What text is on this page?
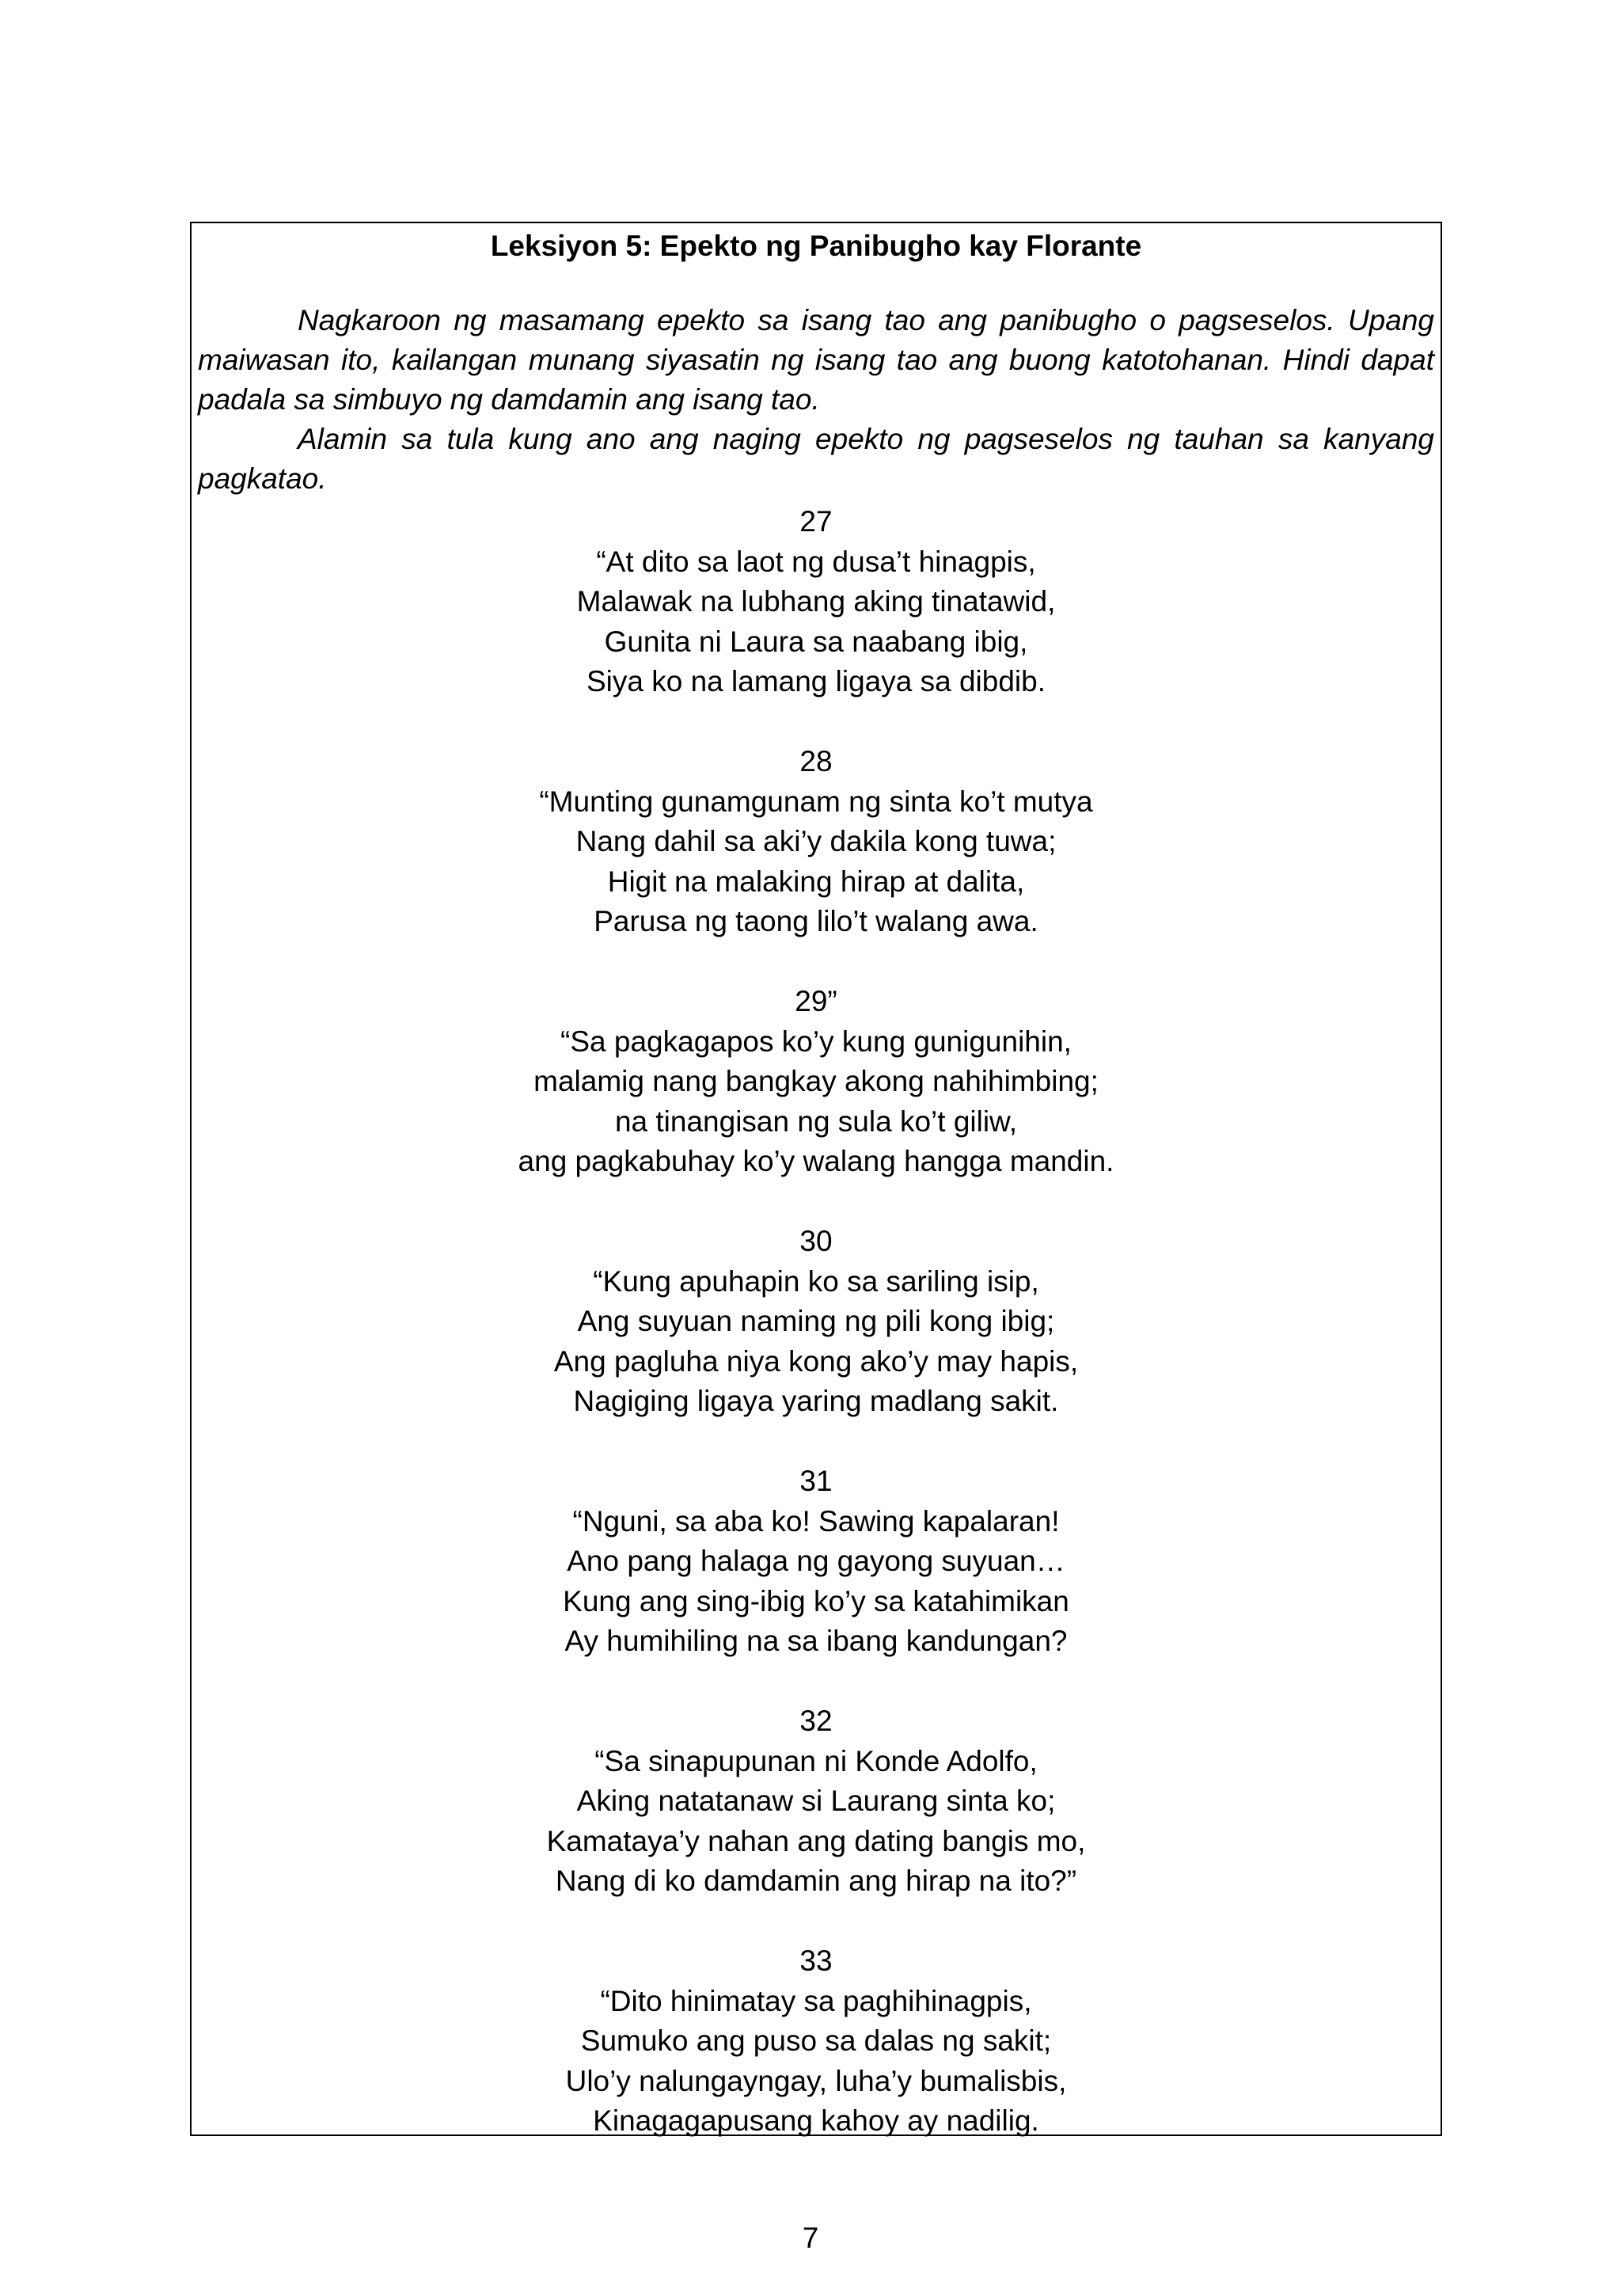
Leksiyon 5: Epekto ng Panibugho kay Florante

Nagkaroon ng masamang epekto sa isang tao ang panibugho o pagseselos. Upang maiwasan ito, kailangan munang siyasatin ng isang tao ang buong katotohanan. Hindi dapat padala sa simbuyo ng damdamin ang isang tao.

Alamin sa tula kung ano ang naging epekto ng pagseselos ng tauhan sa kanyang pagkatao.

27
“At dito sa laot ng dusa’t hinagpis,
Malawak na lubhang aking tinatawid,
Gunita ni Laura sa naabang ibig,
Siya ko na lamang ligaya sa dibdib.
28
“Munting gunamgunam ng sinta ko’t mutya
Nang dahil sa aki’y dakila kong tuwa;
Higit na malaking hirap at dalita,
Parusa ng taong lilo’t walang awa.
29”
“Sa pagkagapos ko’y kung gunigunihin,
malamig nang bangkay akong nahihimbing;
na tinangisan ng sula ko’t giliw,
ang pagkabuhay ko’y walang hangga mandin.
30
“Kung apuhapin ko sa sariling isip,
Ang suyuan naming ng pili kong ibig;
Ang pagluha niya kong ako’y may hapis,
Nagiging ligaya yaring madlang sakit.
31
“Nguni, sa aba ko! Sawing kapalaran!
Ano pang halaga ng gayong suyuan…
Kung ang sing-ibig ko’y sa katahimikan
Ay humihiling na sa ibang kandungan?
32
“Sa sinapupunan ni Konde Adolfo,
Aking natatanaw si Laurang sinta ko;
Kamataya’y nahan ang dating bangis mo,
Nang di ko damdamin ang hirap na ito?”
33
“Dito hinimatay sa paghihinagpis,
Sumuko ang puso sa dalas ng sakit;
Ulo’y nalungayngay, luha’y bumalisbis,
Kinagagapusang kahoy ay nadilig.
7
